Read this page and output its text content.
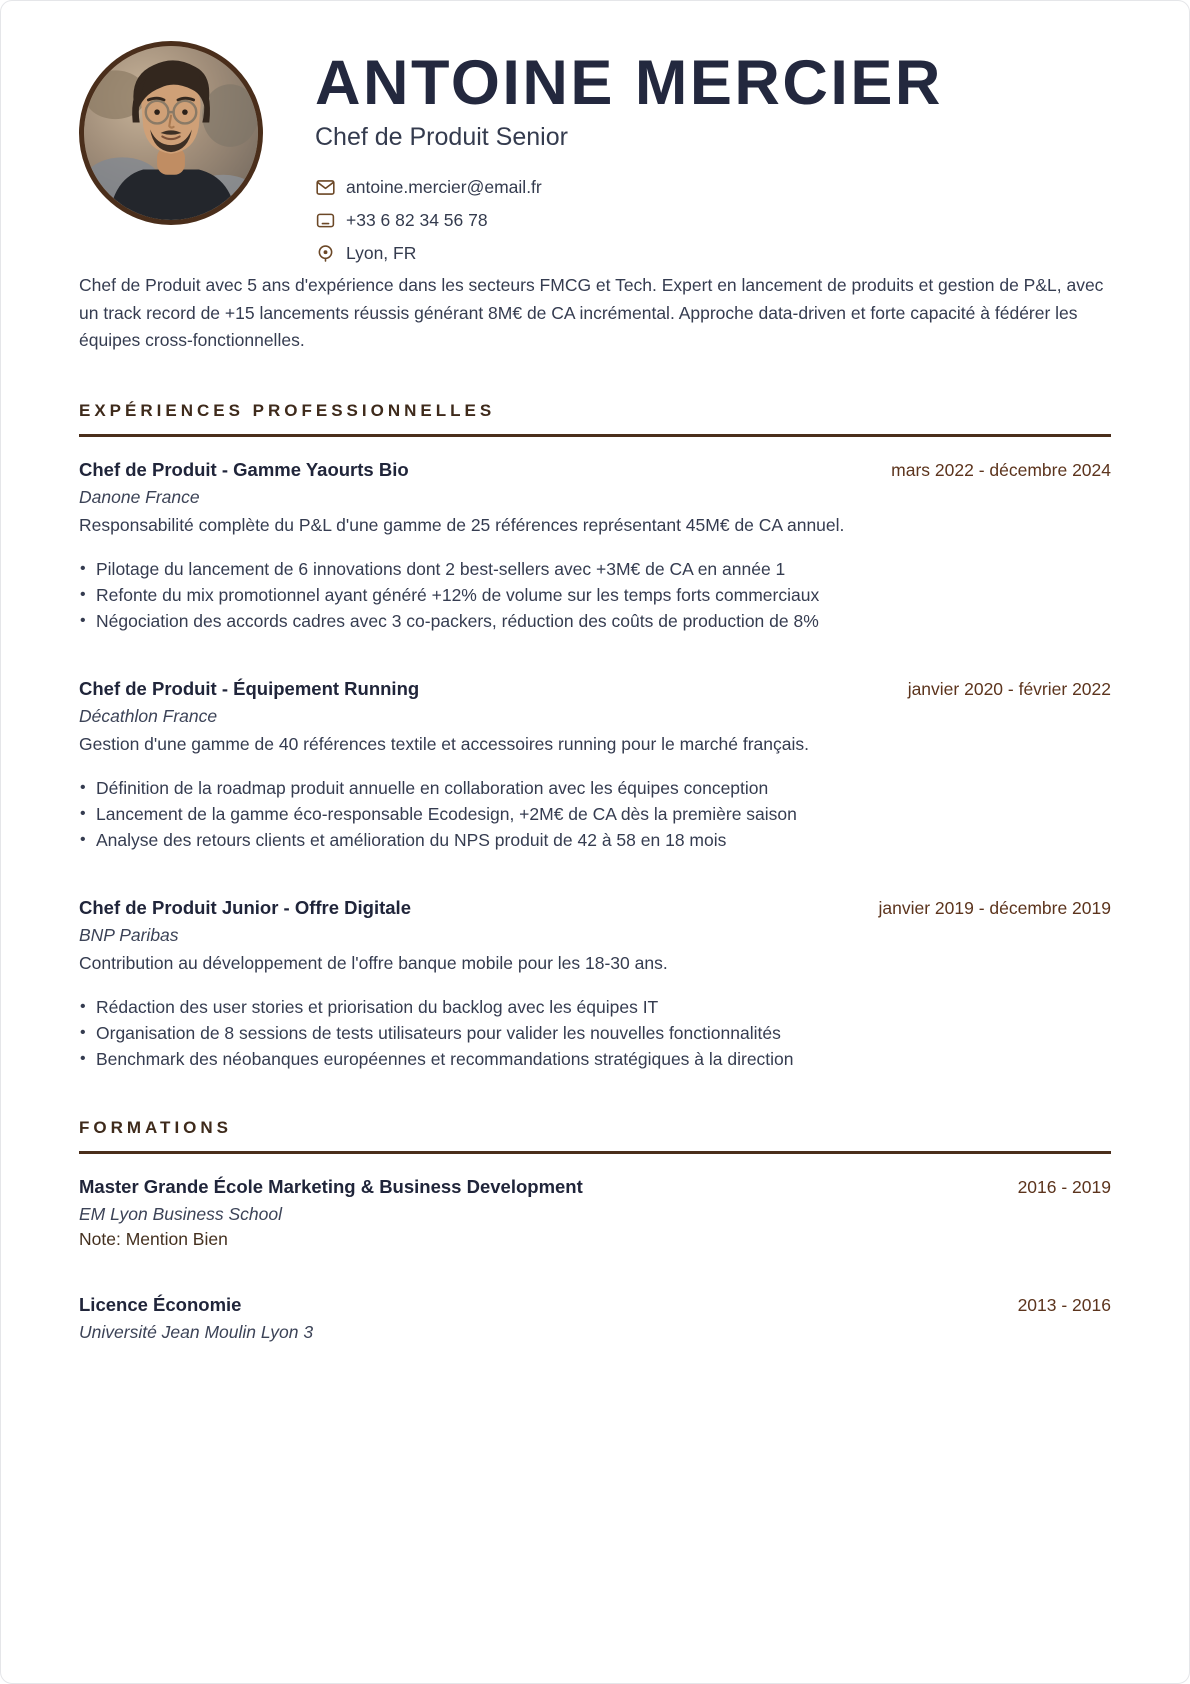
ANTOINE MERCIER
Chef de Produit Senior
antoine.mercier@email.fr
+33 6 82 34 56 78
Lyon, FR

Chef de Produit avec 5 ans d'expérience dans les secteurs FMCG et Tech. Expert en lancement de produits et gestion de P&L, avec un track record de +15 lancements réussis générant 8M€ de CA incrémental. Approche data-driven et forte capacité à fédérer les équipes cross-fonctionnelles.

EXPÉRIENCES PROFESSIONNELLES
Chef de Produit - Gamme Yaourts Bio	mars 2022 - décembre 2024
Danone France
Responsabilité complète du P&L d'une gamme de 25 références représentant 45M€ de CA annuel.
• Pilotage du lancement de 6 innovations dont 2 best-sellers avec +3M€ de CA en année 1
• Refonte du mix promotionnel ayant généré +12% de volume sur les temps forts commerciaux
• Négociation des accords cadres avec 3 co-packers, réduction des coûts de production de 8%
Chef de Produit - Équipement Running	janvier 2020 - février 2022
Décathlon France
Gestion d'une gamme de 40 références textile et accessoires running pour le marché français.
• Définition de la roadmap produit annuelle en collaboration avec les équipes conception
• Lancement de la gamme éco-responsable Ecodesign, +2M€ de CA dès la première saison
• Analyse des retours clients et amélioration du NPS produit de 42 à 58 en 18 mois
Chef de Produit Junior - Offre Digitale	janvier 2019 - décembre 2019
BNP Paribas
Contribution au développement de l'offre banque mobile pour les 18-30 ans.
• Rédaction des user stories et priorisation du backlog avec les équipes IT
• Organisation de 8 sessions de tests utilisateurs pour valider les nouvelles fonctionnalités
• Benchmark des néobanques européennes et recommandations stratégiques à la direction
FORMATIONS
Master Grande École Marketing & Business Development	2016 - 2019
EM Lyon Business School
Note: Mention Bien
Licence Économie	2013 - 2016
Université Jean Moulin Lyon 3
